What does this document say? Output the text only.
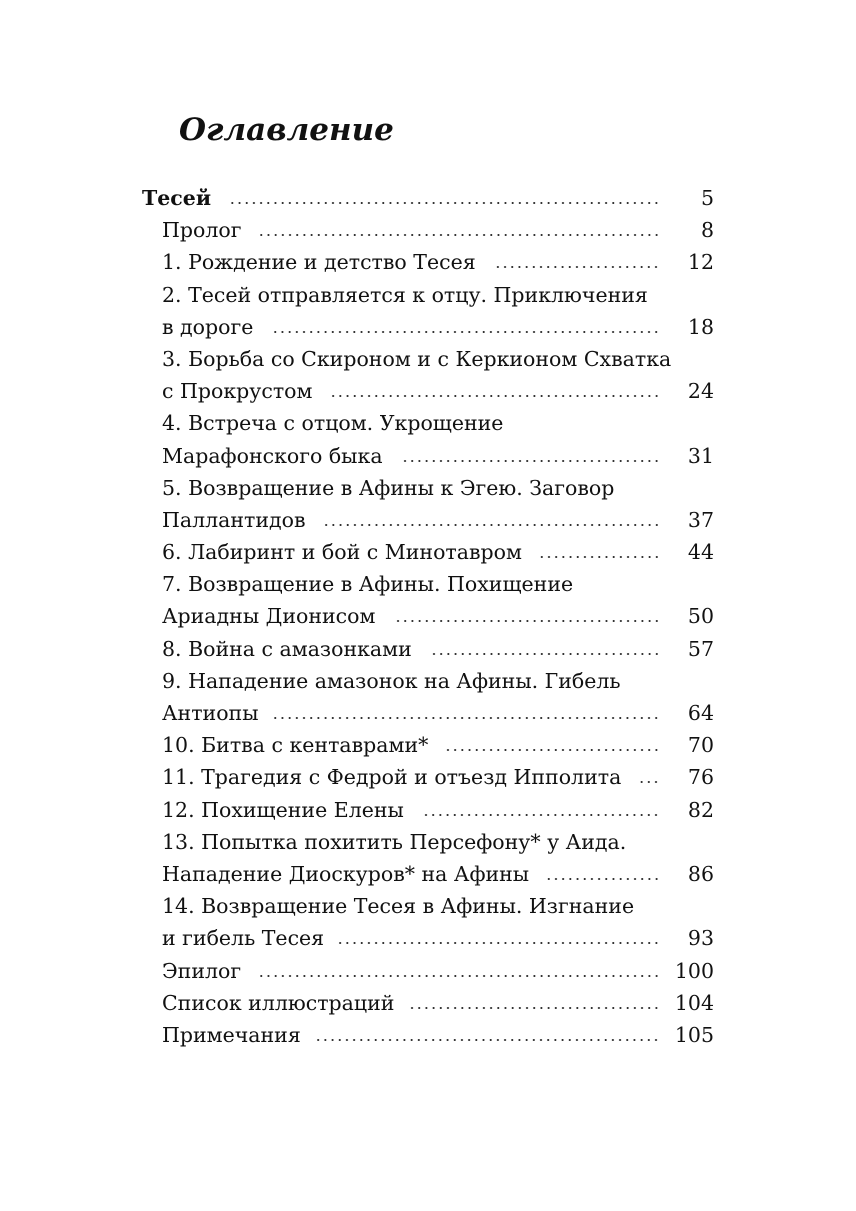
Оглавление
Тесей	5
Пролог	8
1. Рождение и детство Тесея	12
2. Тесей отправляется к отцу. Приключения
в дороге	18
3. Борьба со Скироном и с Керкионом Схватка
с Прокрустом	24
4. Встреча с отцом. Укрощение
Марафонского быка	31
5. Возвращение в Афины к Эгею. Заговор
Паллантидов	37
6. Лабиринт и бой с Минотавром	44
7. Возвращение в Афины. Похищение
Ариадны Дионисом	50
8. Война с амазонками	57
9. Нападение амазонок на Афины. Гибель
Антиопы	64
10. Битва с кентаврами*	70
11. Трагедия с Федрой и отъезд Ипполита	76
12. Похищение Елены	82
13. Попытка похитить Персефону* у Аида.
Нападение Диоскуров* на Афины	86
14. Возвращение Тесея в Афины. Изгнание
и гибель Тесея	93
Эпилог	100
Список иллюстраций	104
Примечания	105
